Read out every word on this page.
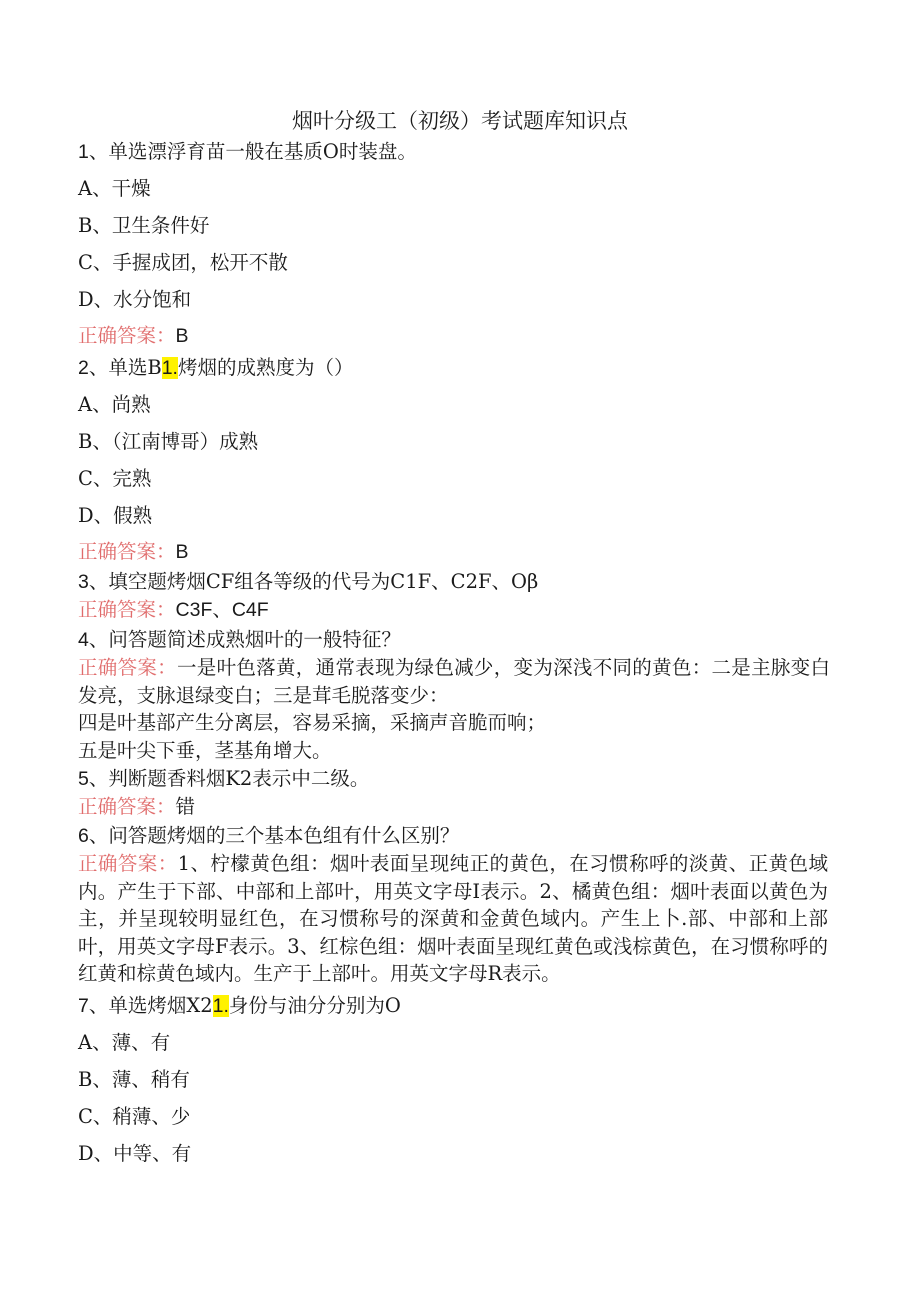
烟叶分级工（初级）考试题库知识点
1、单选漂浮育苗一般在基质O时装盘。
A、干燥
B、卫生条件好
C、手握成团，松开不散
D、水分饱和
正确答案：B
2、单选B1.烤烟的成熟度为（）
A、尚熟
B、（江南博哥）成熟
C、完熟
D、假熟
正确答案：B
3、填空题烤烟CF组各等级的代号为C1F、C2F、Oβ
正确答案：C3F、C4F
4、问答题简述成熟烟叶的一般特征？
正确答案：一是叶色落黄，通常表现为绿色减少，变为深浅不同的黄色：二是主脉变白发亮，支脉退绿变白；三是茸毛脱落变少：
四是叶基部产生分离层，容易采摘，采摘声音脆而响；
五是叶尖下垂，茎基角增大。
5、判断题香料烟K2表示中二级。
正确答案：错
6、问答题烤烟的三个基本色组有什么区别？
正确答案：1、柠檬黄色组：烟叶表面呈现纯正的黄色，在习惯称呼的淡黄、正黄色域内。产生于下部、中部和上部叶，用英文字母I表示。2、橘黄色组：烟叶表面以黄色为主，并呈现较明显红色，在习惯称号的深黄和金黄色域内。产生上卜.部、中部和上部叶，用英文字母F表示。3、红棕色组：烟叶表面呈现红黄色或浅棕黄色，在习惯称呼的红黄和棕黄色域内。生产于上部叶。用英文字母R表示。
7、单选烤烟X21.身份与油分分别为O
A、薄、有
B、薄、稍有
C、稍薄、少
D、中等、有
